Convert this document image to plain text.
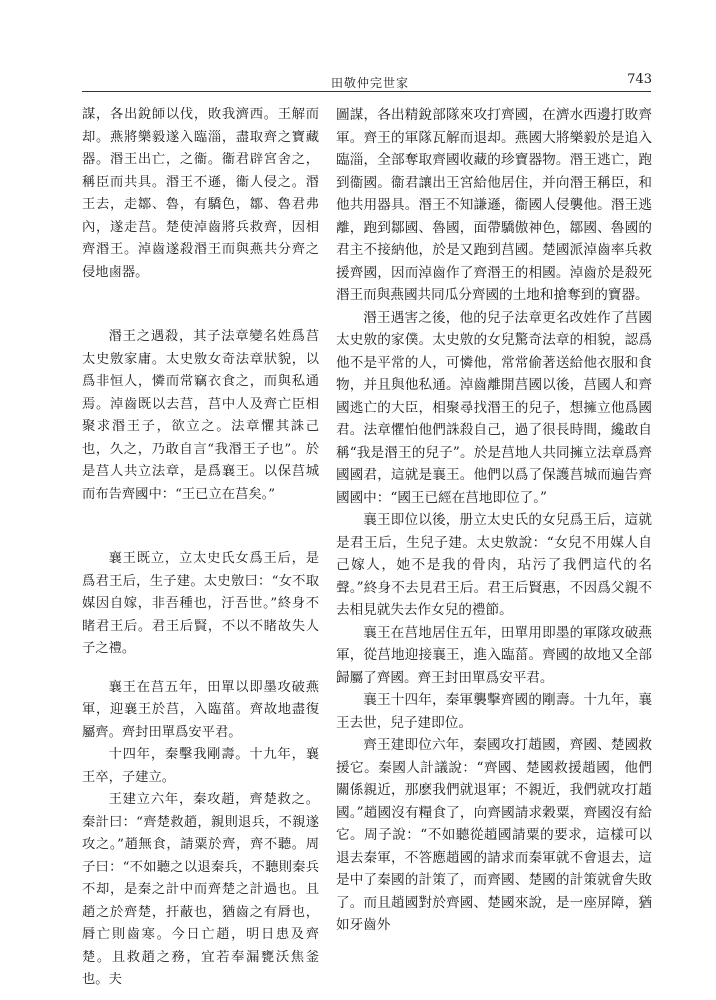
田敬仲完世家	743

謀，各出銳師以伐，敗我濟西。王解而却。燕將樂毅遂入臨淄，盡取齊之寶藏器。湣王出亡，之衞。衞君辟宮舍之，稱臣而共具。湣王不遜，衞人侵之。湣王去，走鄒、魯，有驕色，鄒、魯君弗內，遂走莒。楚使淖齒將兵救齊，因相齊湣王。淖齒遂殺湣王而與燕共分齊之侵地鹵器。

湣王之遇殺，其子法章變名姓爲莒太史敫家庸。太史敫女奇法章狀貌，以爲非恒人，憐而常竊衣食之，而與私通焉。淖齒既以去莒，莒中人及齊亡臣相聚求湣王子，欲立之。法章懼其誅己也，久之，乃敢自言“我湣王子也”。於是莒人共立法章，是爲襄王。以保莒城而布告齊國中：“王已立在莒矣。”

襄王既立，立太史氏女爲王后，是爲君王后，生子建。太史敫曰：“女不取媒因自嫁，非吾種也，汙吾世。”終身不睹君王后。君王后賢，不以不睹故失人子之禮。

襄王在莒五年，田單以即墨攻破燕軍，迎襄王於莒，入臨菑。齊故地盡復屬齊。齊封田單爲安平君。

十四年，秦擊我剛壽。十九年，襄王卒，子建立。

王建立六年，秦攻趙，齊楚救之。秦計曰：“齊楚救趙，親則退兵，不親遂攻之。”趙無食，請粟於齊，齊不聽。周子曰：“不如聽之以退秦兵，不聽則秦兵不却，是秦之計中而齊楚之計過也。且趙之於齊楚，扞蔽也，猶齒之有脣也，脣亡則齒寒。今日亡趙，明日患及齊楚。且救趙之務，宜若奉漏甕沃焦釜也。夫

圖謀，各出精銳部隊來攻打齊國，在濟水西邊打敗齊軍。齊王的軍隊瓦解而退却。燕國大將樂毅於是追入臨淄，全部奪取齊國收藏的珍寶器物。湣王逃亡，跑到衞國。衞君讓出王宮給他居住，并向湣王稱臣，和他共用器具。湣王不知謙遜，衞國人侵襲他。湣王逃離，跑到鄒國、魯國，面帶驕傲神色，鄒國、魯國的君主不接納他，於是又跑到莒國。楚國派淖齒率兵救援齊國，因而淖齒作了齊湣王的相國。淖齒於是殺死湣王而與燕國共同瓜分齊國的土地和搶奪到的寶器。

湣王遇害之後，他的兒子法章更名改姓作了莒國太史敫的家僕。太史敫的女兒驚奇法章的相貌，認爲他不是平常的人，可憐他，常常偷著送給他衣服和食物，并且與他私通。淖齒離開莒國以後，莒國人和齊國逃亡的大臣，相聚尋找湣王的兒子，想擁立他爲國君。法章懼怕他們誅殺自己，過了很長時間，纔敢自稱“我是湣王的兒子”。於是莒地人共同擁立法章爲齊國國君，這就是襄王。他們以爲了保護莒城而遍告齊國國中：“國王已經在莒地即位了。”

襄王即位以後，册立太史氏的女兒爲王后，這就是君王后，生兒子建。太史敫說：“女兒不用媒人自己嫁人，她不是我的骨肉，玷污了我們這代的名聲。”終身不去見君王后。君王后賢惠，不因爲父親不去相見就失去作女兒的禮節。

襄王在莒地居住五年，田單用即墨的軍隊攻破燕軍，從莒地迎接襄王，進入臨菑。齊國的故地又全部歸屬了齊國。齊王封田單爲安平君。

襄王十四年，秦軍襲擊齊國的剛壽。十九年，襄王去世，兒子建即位。

齊王建即位六年，秦國攻打趙國，齊國、楚國救援它。秦國人計議說：“齊國、楚國救援趙國，他們關係親近，那麽我們就退軍；不親近，我們就攻打趙國。”趙國沒有糧食了，向齊國請求穀粟，齊國沒有給它。周子說：“不如聽從趙國請粟的要求，這樣可以退去秦軍，不答應趙國的請求而秦軍就不會退去，這是中了秦國的計策了，而齊國、楚國的計策就會失敗了。而且趙國對於齊國、楚國來說，是一座屏障，猶如牙齒外
